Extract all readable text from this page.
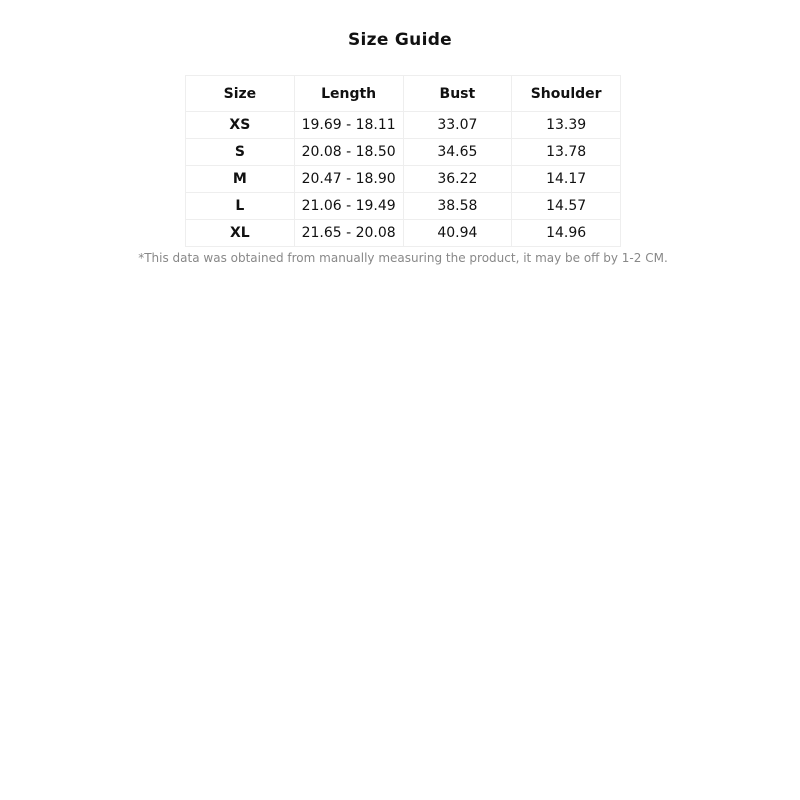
Size Guide
Size	Length	Bust	Shoulder
XS	19.69 - 18.11	33.07	13.39
S	20.08 - 18.50	34.65	13.78
M	20.47 - 18.90	36.22	14.17
L	21.06 - 19.49	38.58	14.57
XL	21.65 - 20.08	40.94	14.96
*This data was obtained from manually measuring the product, it may be off by 1-2 CM.
